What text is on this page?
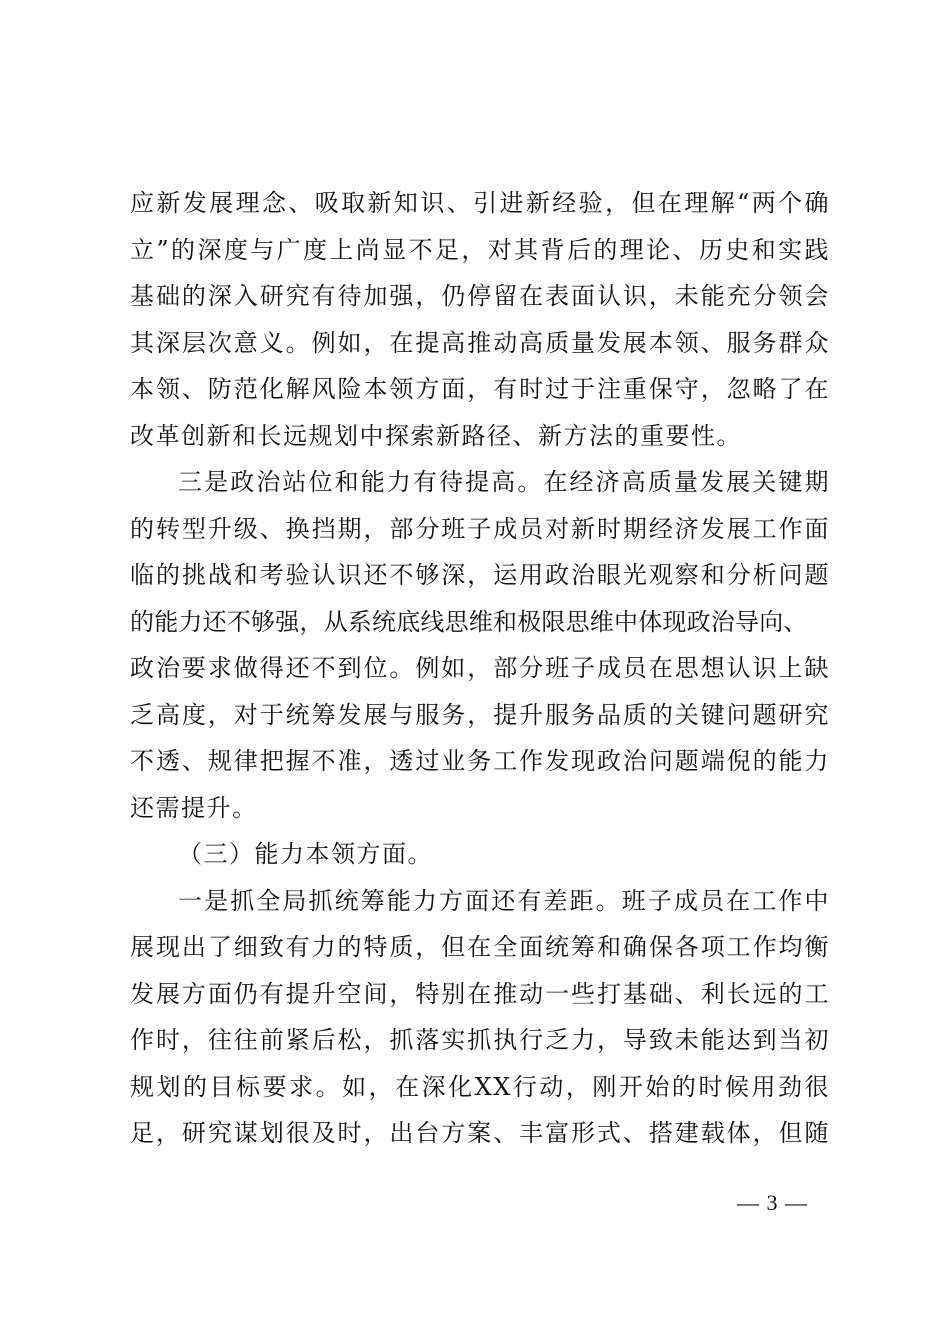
应新发展理念、吸取新知识、引进新经验，但在理解“两个确
立”的深度与广度上尚显不足，对其背后的理论、历史和实践
基础的深入研究有待加强，仍停留在表面认识，未能充分领会
其深层次意义。例如，在提高推动高质量发展本领、服务群众
本领、防范化解风险本领方面，有时过于注重保守，忽略了在
改革创新和长远规划中探索新路径、新方法的重要性。
三是政治站位和能力有待提高。在经济高质量发展关键期
的转型升级、换挡期，部分班子成员对新时期经济发展工作面
临的挑战和考验认识还不够深，运用政治眼光观察和分析问题
的能力还不够强，从系统底线思维和极限思维中体现政治导向、
政治要求做得还不到位。例如，部分班子成员在思想认识上缺
乏高度，对于统筹发展与服务，提升服务品质的关键问题研究
不透、规律把握不准，透过业务工作发现政治问题端倪的能力
还需提升。
（三）能力本领方面。
一是抓全局抓统筹能力方面还有差距。班子成员在工作中
展现出了细致有力的特质，但在全面统筹和确保各项工作均衡
发展方面仍有提升空间，特别在推动一些打基础、利长远的工
作时，往往前紧后松，抓落实抓执行乏力，导致未能达到当初
规划的目标要求。如，在深化XX行动，刚开始的时候用劲很
足，研究谋划很及时，出台方案、丰富形式、搭建载体，但随
— 3 —
